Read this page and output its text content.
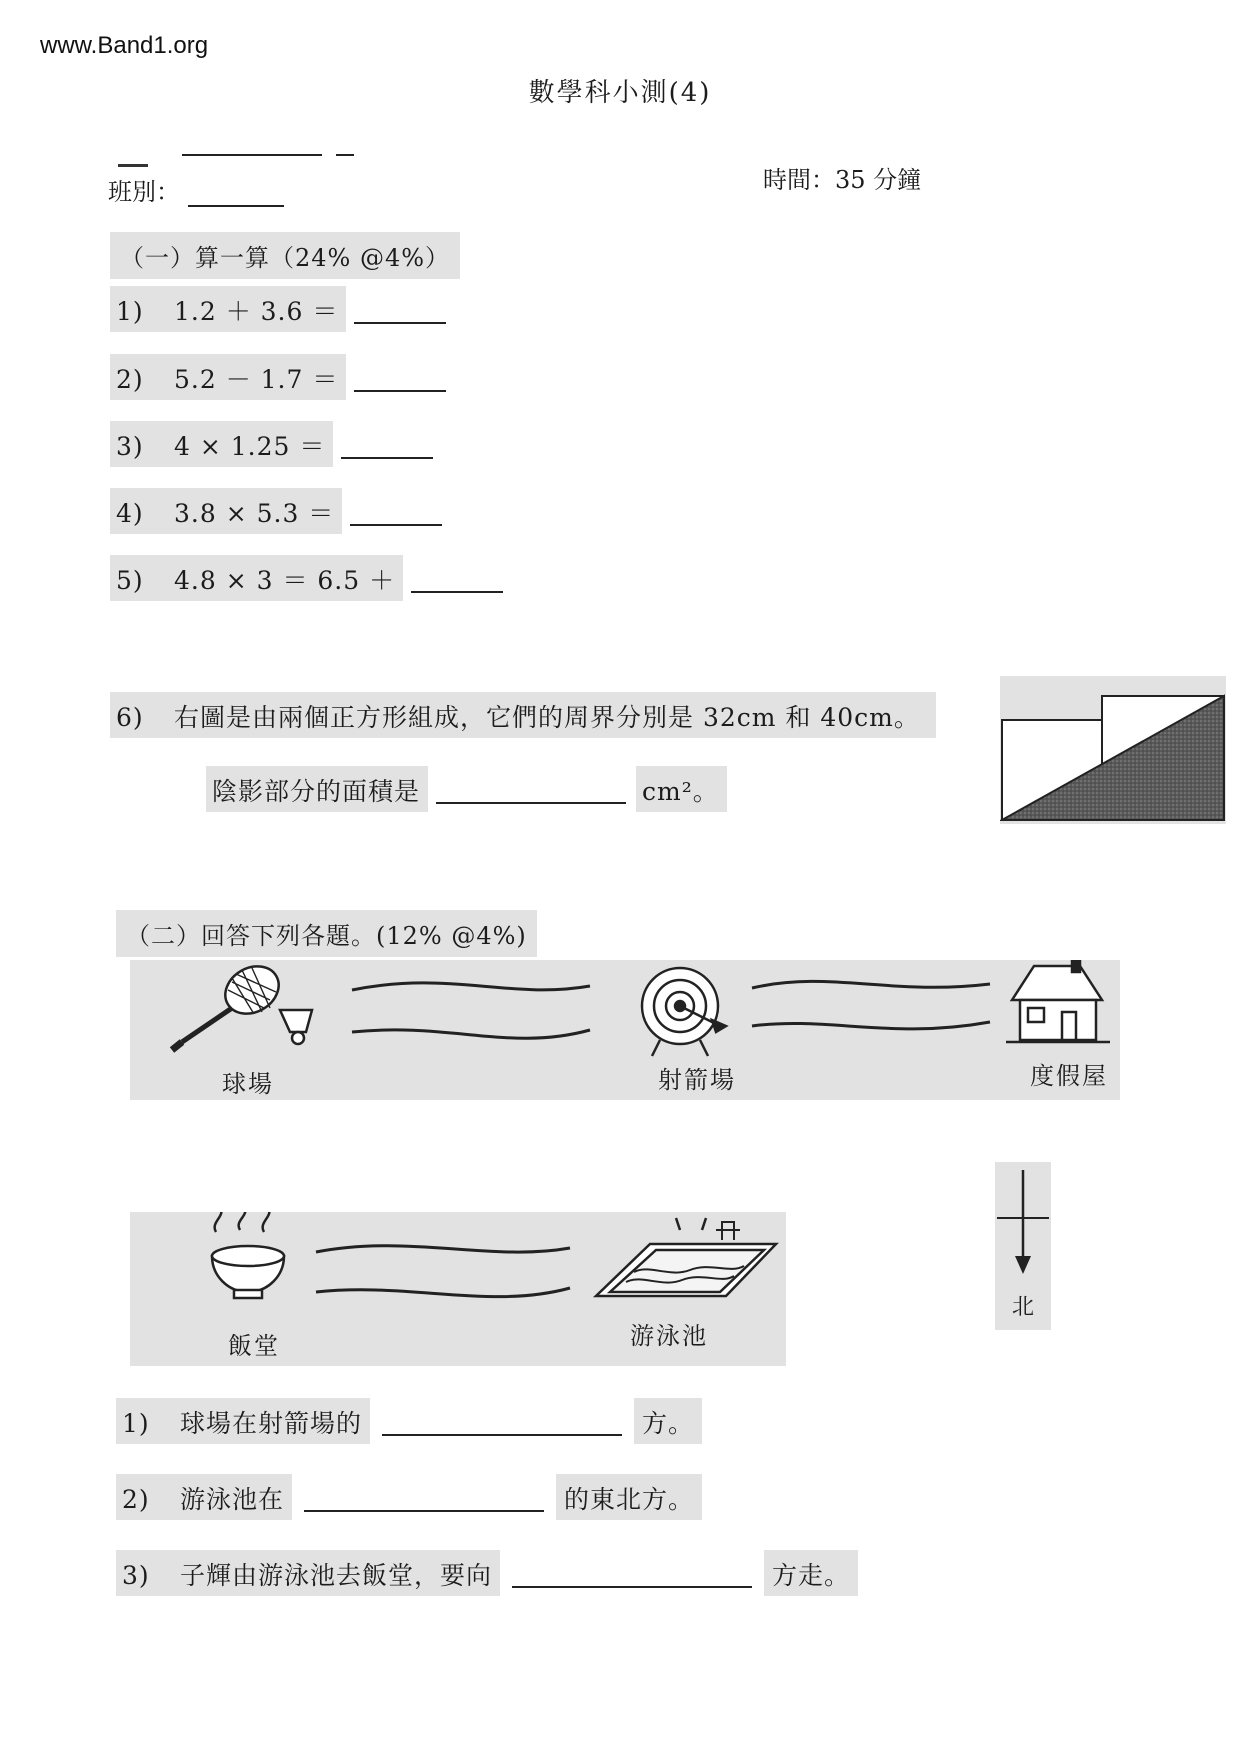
www.Band1.org
數學科小測(4)
班別：	時間：35 分鐘
（一）算一算（24% @4%）
1) 1.2 ＋ 3.6 ＝
2) 5.2 － 1.7 ＝
3) 4 × 1.25 ＝
4) 3.8 × 5.3 ＝
5) 4.8 × 3 ＝ 6.5 ＋
6) 右圖是由兩個正方形組成，它們的周界分別是 32cm 和 40cm。
陰影部分的面積是	cm²。
（二）回答下列各題。(12% @4%)
球場	射箭場	度假屋
北
飯堂	游泳池
1) 球場在射箭場的	方。
2) 游泳池在	的東北方。
3) 子輝由游泳池去飯堂，要向	方走。
